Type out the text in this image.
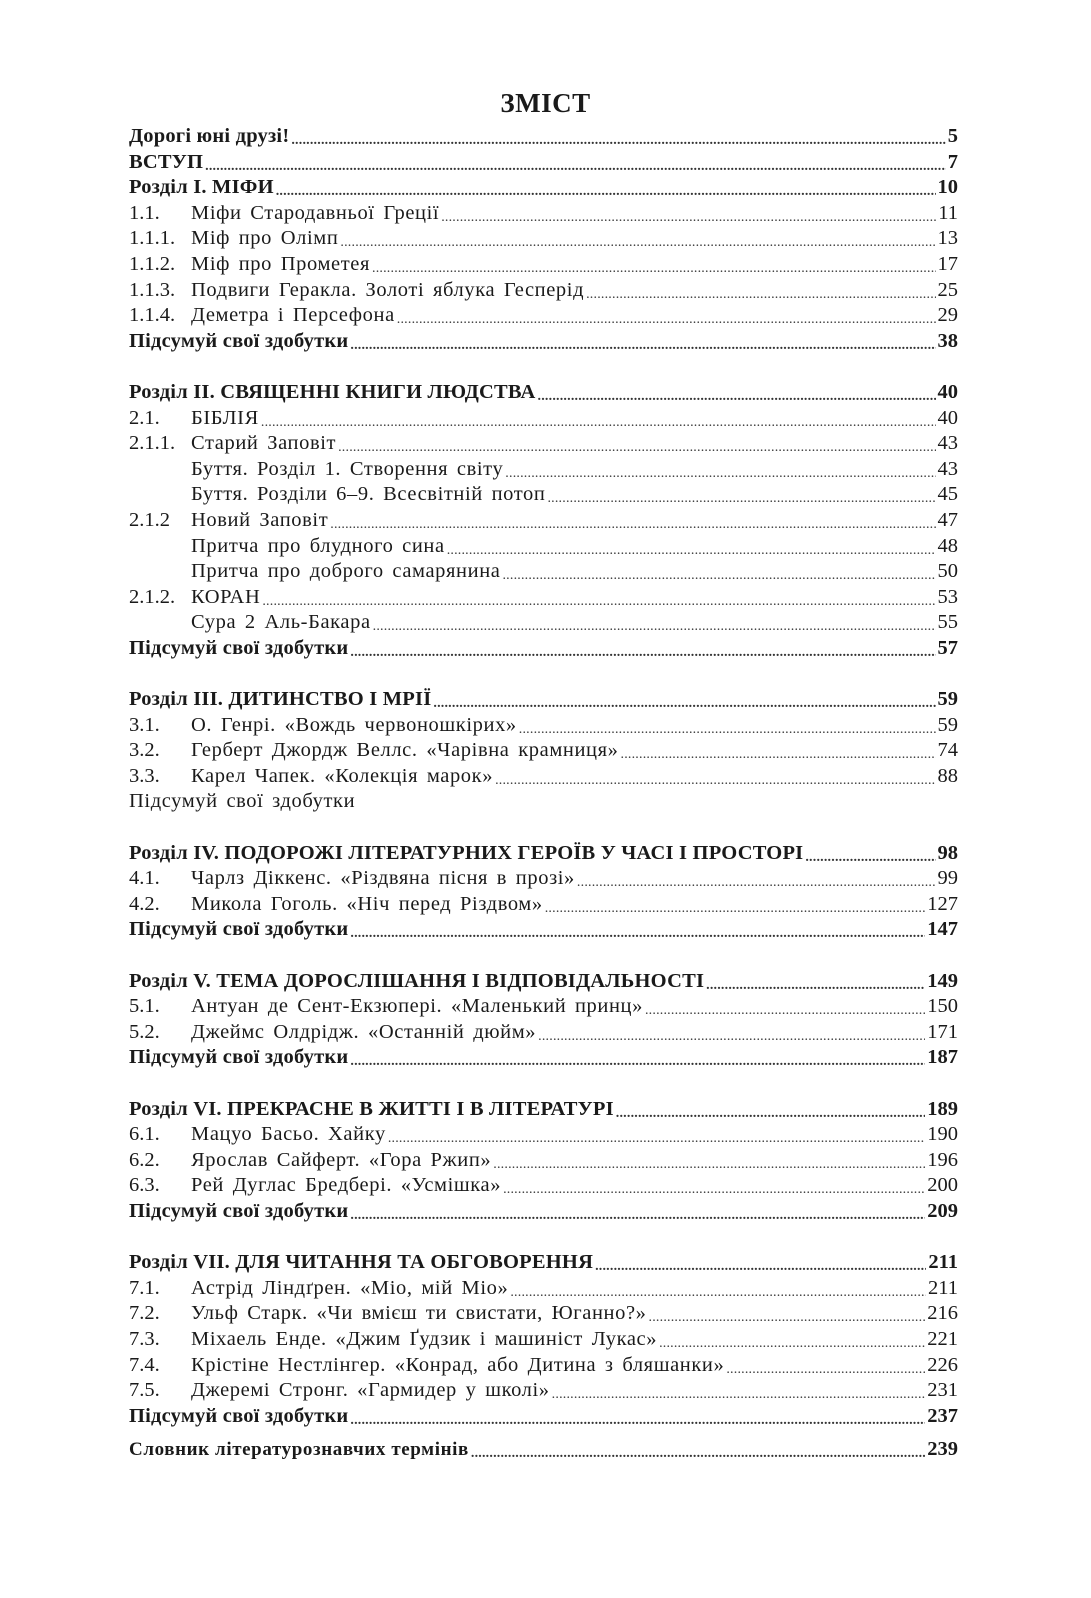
ЗМІСТ
Дорогі юні друзі! .....	5
ВСТУП .....	7
Розділ І. МІФИ .....	10
1.1.	Міфи Стародавньої Греції .....	11
1.1.1. Міф про Олімп .....	13
1.1.2. Міф про Прометея .....	17
1.1.3. Подвиги Геракла. Золоті яблука Гесперід .....	25
1.1.4. Деметра і Персефона .....	29
Підсумуй свої здобутки .....	38
Розділ ІІ. СВЯЩЕННІ КНИГИ ЛЮДСТВА .....	40
2.1.	БІБЛІЯ .....	40
2.1.1. Старий Заповіт .....	43
Буття. Розділ 1. Створення світу .....	43
Буття. Розділи 6–9. Всесвітній потоп .....	45
2.1.2	Новий Заповіт .....	47
Притча про блудного сина .....	48
Притча про доброго самарянина .....	50
2.1.2. КОРАН .....	53
Сура 2 Аль-Бакара .....	55
Підсумуй свої здобутки .....	57
Розділ ІІІ. ДИТИНСТВО І МРІЇ .....	59
3.1.	О. Генрі. «Вождь червоношкірих» .....	59
3.2.	Герберт Джордж Веллс. «Чарівна крамниця» .....	74
3.3.	Карел Чапек. «Колекція марок» .....	88
Підсумуй свої здобутки
Розділ IV. ПОДОРОЖІ ЛІТЕРАТУРНИХ ГЕРОЇВ У ЧАСІ І ПРОСТОРІ .....	98
4.1.	Чарлз Діккенс. «Різдвяна пісня в прозі» .....	99
4.2.	Микола Гоголь. «Ніч перед Різдвом» .....	127
Підсумуй свої здобутки .....	147
Розділ V. ТЕМА ДОРОСЛІШАННЯ І ВІДПОВІДАЛЬНОСТІ .....	149
5.1.	Антуан де Сент-Екзюпері. «Маленький принц» .....	150
5.2.	Джеймс Олдрідж. «Останній дюйм» .....	171
Підсумуй свої здобутки .....	187
Розділ VІ. ПРЕКРАСНЕ В ЖИТТІ І В ЛІТЕРАТУРІ .....	189
6.1.	Мацуо Басьо. Хайку .....	190
6.2.	Ярослав Сайферт. «Гора Ржип» .....	196
6.3.	Рей Дуглас Бредбері. «Усмішка» .....	200
Підсумуй свої здобутки .....	209
Розділ VІІ. ДЛЯ ЧИТАННЯ ТА ОБГОВОРЕННЯ .....	211
7.1.	Астрід Ліндґрен. «Міо, мій Міо» .....	211
7.2.	Ульф Старк. «Чи вмієш ти свистати, Юганно?» .....	216
7.3.	Міхаель Енде. «Джим Ґудзик і машиніст Лукас» .....	221
7.4.	Крістіне Нестлінгер. «Конрад, або Дитина з бляшанки» .....	226
7.5.	Джеремі Стронг. «Гармидер у школі» .....	231
Підсумуй свої здобутки .....	237
Словник літературознавчих термінів .....	239
